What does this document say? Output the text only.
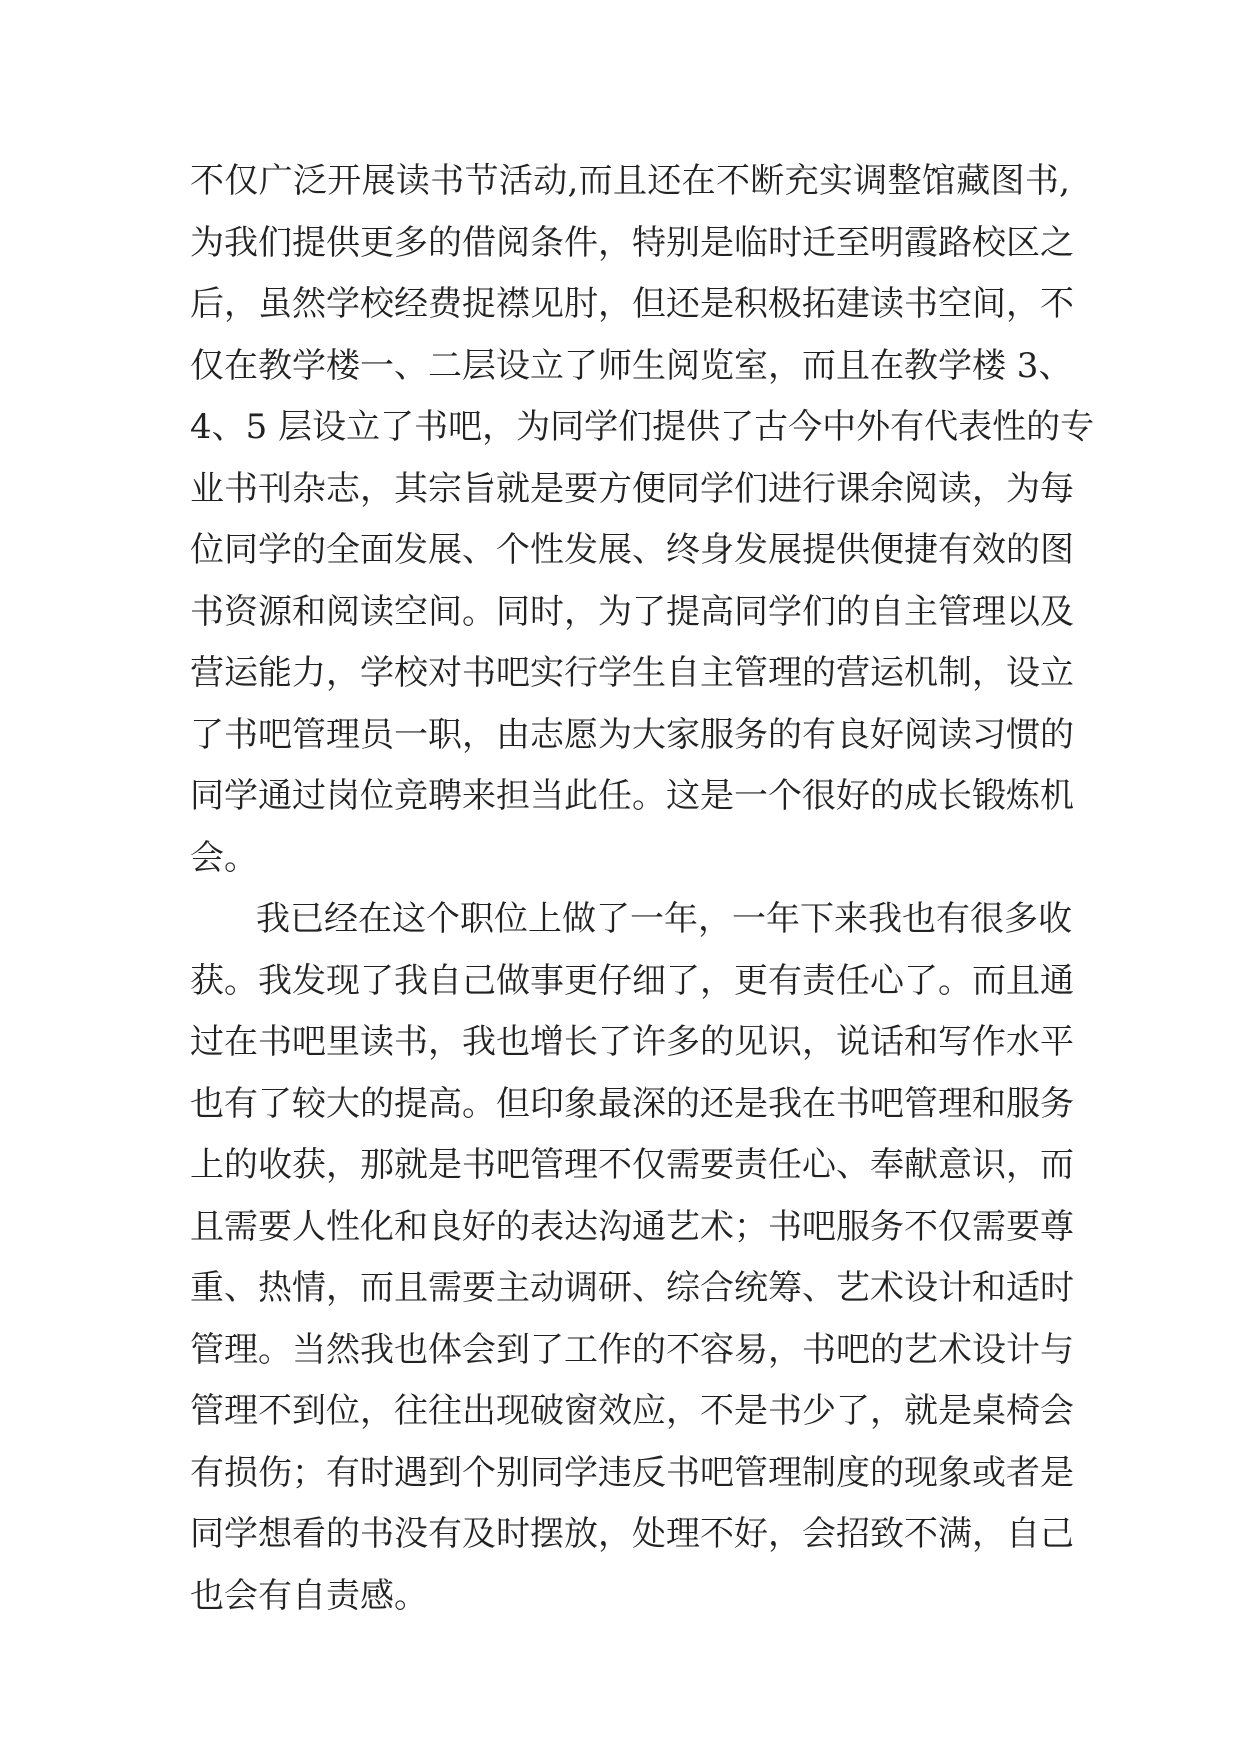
不仅广泛开展读书节活动,而且还在不断充实调整馆藏图书,
为我们提供更多的借阅条件，特别是临时迁至明霞路校区之
后，虽然学校经费捉襟见肘，但还是积极拓建读书空间，不
仅在教学楼一、二层设立了师生阅览室，而且在教学楼 3、
4、5 层设立了书吧，为同学们提供了古今中外有代表性的专
业书刊杂志，其宗旨就是要方便同学们进行课余阅读，为每
位同学的全面发展、个性发展、终身发展提供便捷有效的图
书资源和阅读空间。同时，为了提高同学们的自主管理以及
营运能力，学校对书吧实行学生自主管理的营运机制，设立
了书吧管理员一职，由志愿为大家服务的有良好阅读习惯的
同学通过岗位竞聘来担当此任。这是一个很好的成长锻炼机
会。
我已经在这个职位上做了一年，一年下来我也有很多收
获。我发现了我自己做事更仔细了，更有责任心了。而且通
过在书吧里读书，我也增长了许多的见识，说话和写作水平
也有了较大的提高。但印象最深的还是我在书吧管理和服务
上的收获，那就是书吧管理不仅需要责任心、奉献意识，而
且需要人性化和良好的表达沟通艺术；书吧服务不仅需要尊
重、热情，而且需要主动调研、综合统筹、艺术设计和适时
管理。当然我也体会到了工作的不容易，书吧的艺术设计与
管理不到位，往往出现破窗效应，不是书少了，就是桌椅会
有损伤；有时遇到个别同学违反书吧管理制度的现象或者是
同学想看的书没有及时摆放，处理不好，会招致不满，自己
也会有自责感。
